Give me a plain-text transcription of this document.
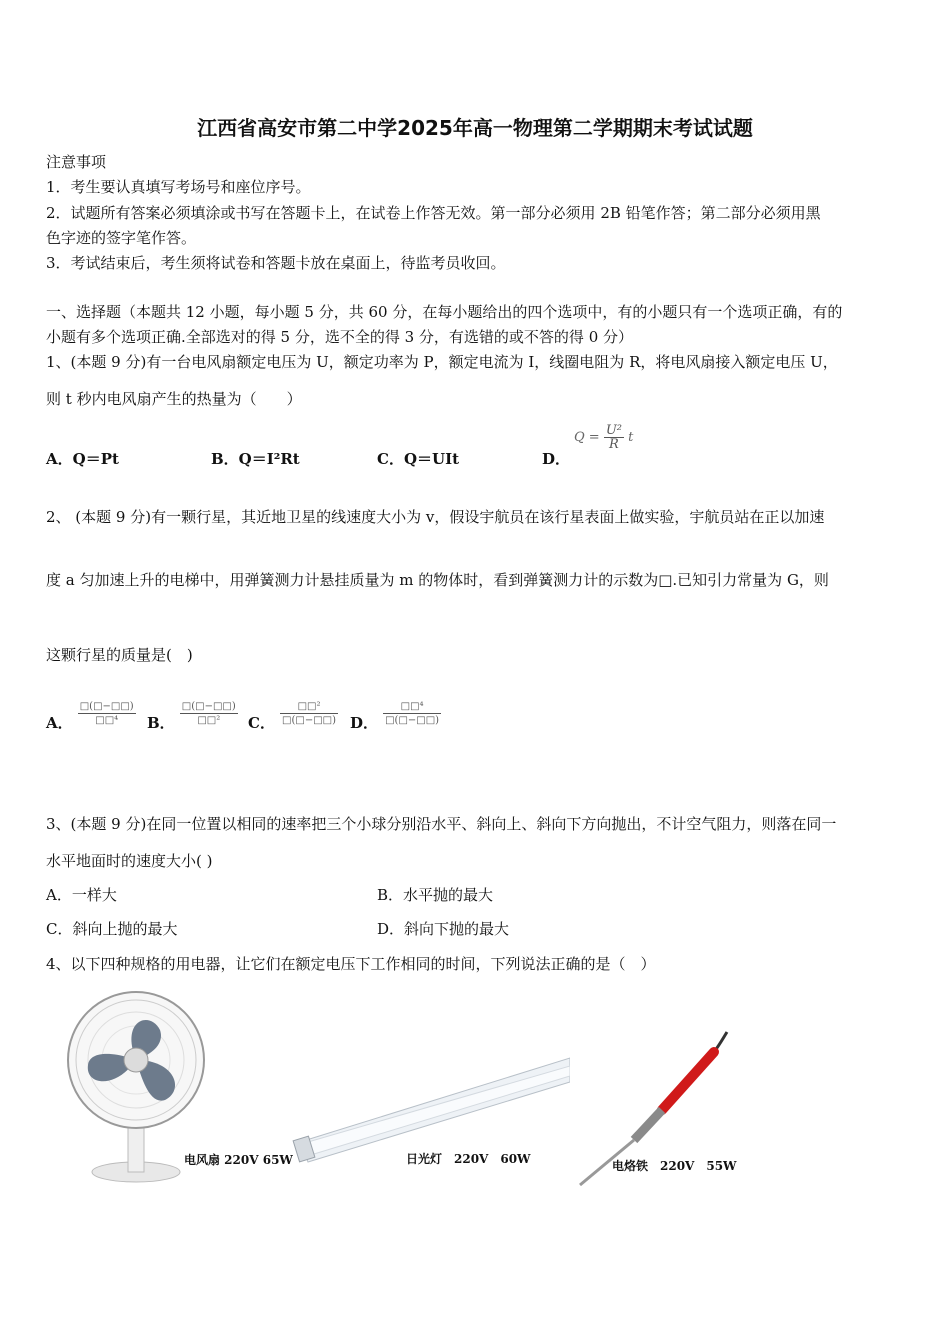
江西省高安市第二中学2025年高一物理第二学期期末考试试题
注意事项
1．考生要认真填写考场号和座位序号。
2．试题所有答案必须填涂或书写在答题卡上，在试卷上作答无效。第一部分必须用 2B 铅笔作答；第二部分必须用黑
色字迹的签字笔作答。
3．考试结束后，考生须将试卷和答题卡放在桌面上，待监考员收回。
一、选择题（本题共 12 小题，每小题 5 分，共 60 分，在每小题给出的四个选项中，有的小题只有一个选项正确，有的
小题有多个选项正确.全部选对的得 5 分，选不全的得 3 分，有选错的或不答的得 0 分）
1、(本题 9 分)有一台电风扇额定电压为 U，额定功率为 P，额定电流为 I，线圈电阻为 R，将电风扇接入额定电压 U，
则 t 秒内电风扇产生的热量为（　　）
A．Q＝Pt	B．Q＝I²Rt	C．Q＝UIt	D．
$Q = \frac{\text{U²}}{R}$ t
2、 (本题 9 分)有一颗行星，其近地卫星的线速度大小为 v，假设宇航员在该行星表面上做实验，宇航员站在正以加速
度 a 匀加速上升的电梯中，用弹簧测力计悬挂质量为 m 的物体时，看到弹簧测力计的示数为□.已知引力常量为 G，则
这颗行星的质量是(　)
A． $\frac{□(□-□□)}{\text{□□⁴}}$ B． $\frac{□(□-□□)}{\text{□□²}}$ C． $\frac{\text{□□²}}{□(□-□□)}$ D． $\frac{\text{□□⁴}}{□(□-□□)}$
3、(本题 9 分)在同一位置以相同的速率把三个小球分别沿水平、斜向上、斜向下方向抛出，不计空气阻力，则落在同一
水平地面时的速度大小( )
A．一样大	B．水平抛的最大
C．斜向上抛的最大	D．斜向下抛的最大
4、以下四种规格的用电器，让它们在额定电压下工作相同的时间，下列说法正确的是（　）
电风扇 220V 65W	日光灯　220V　60W	电烙铁　220V　55W
